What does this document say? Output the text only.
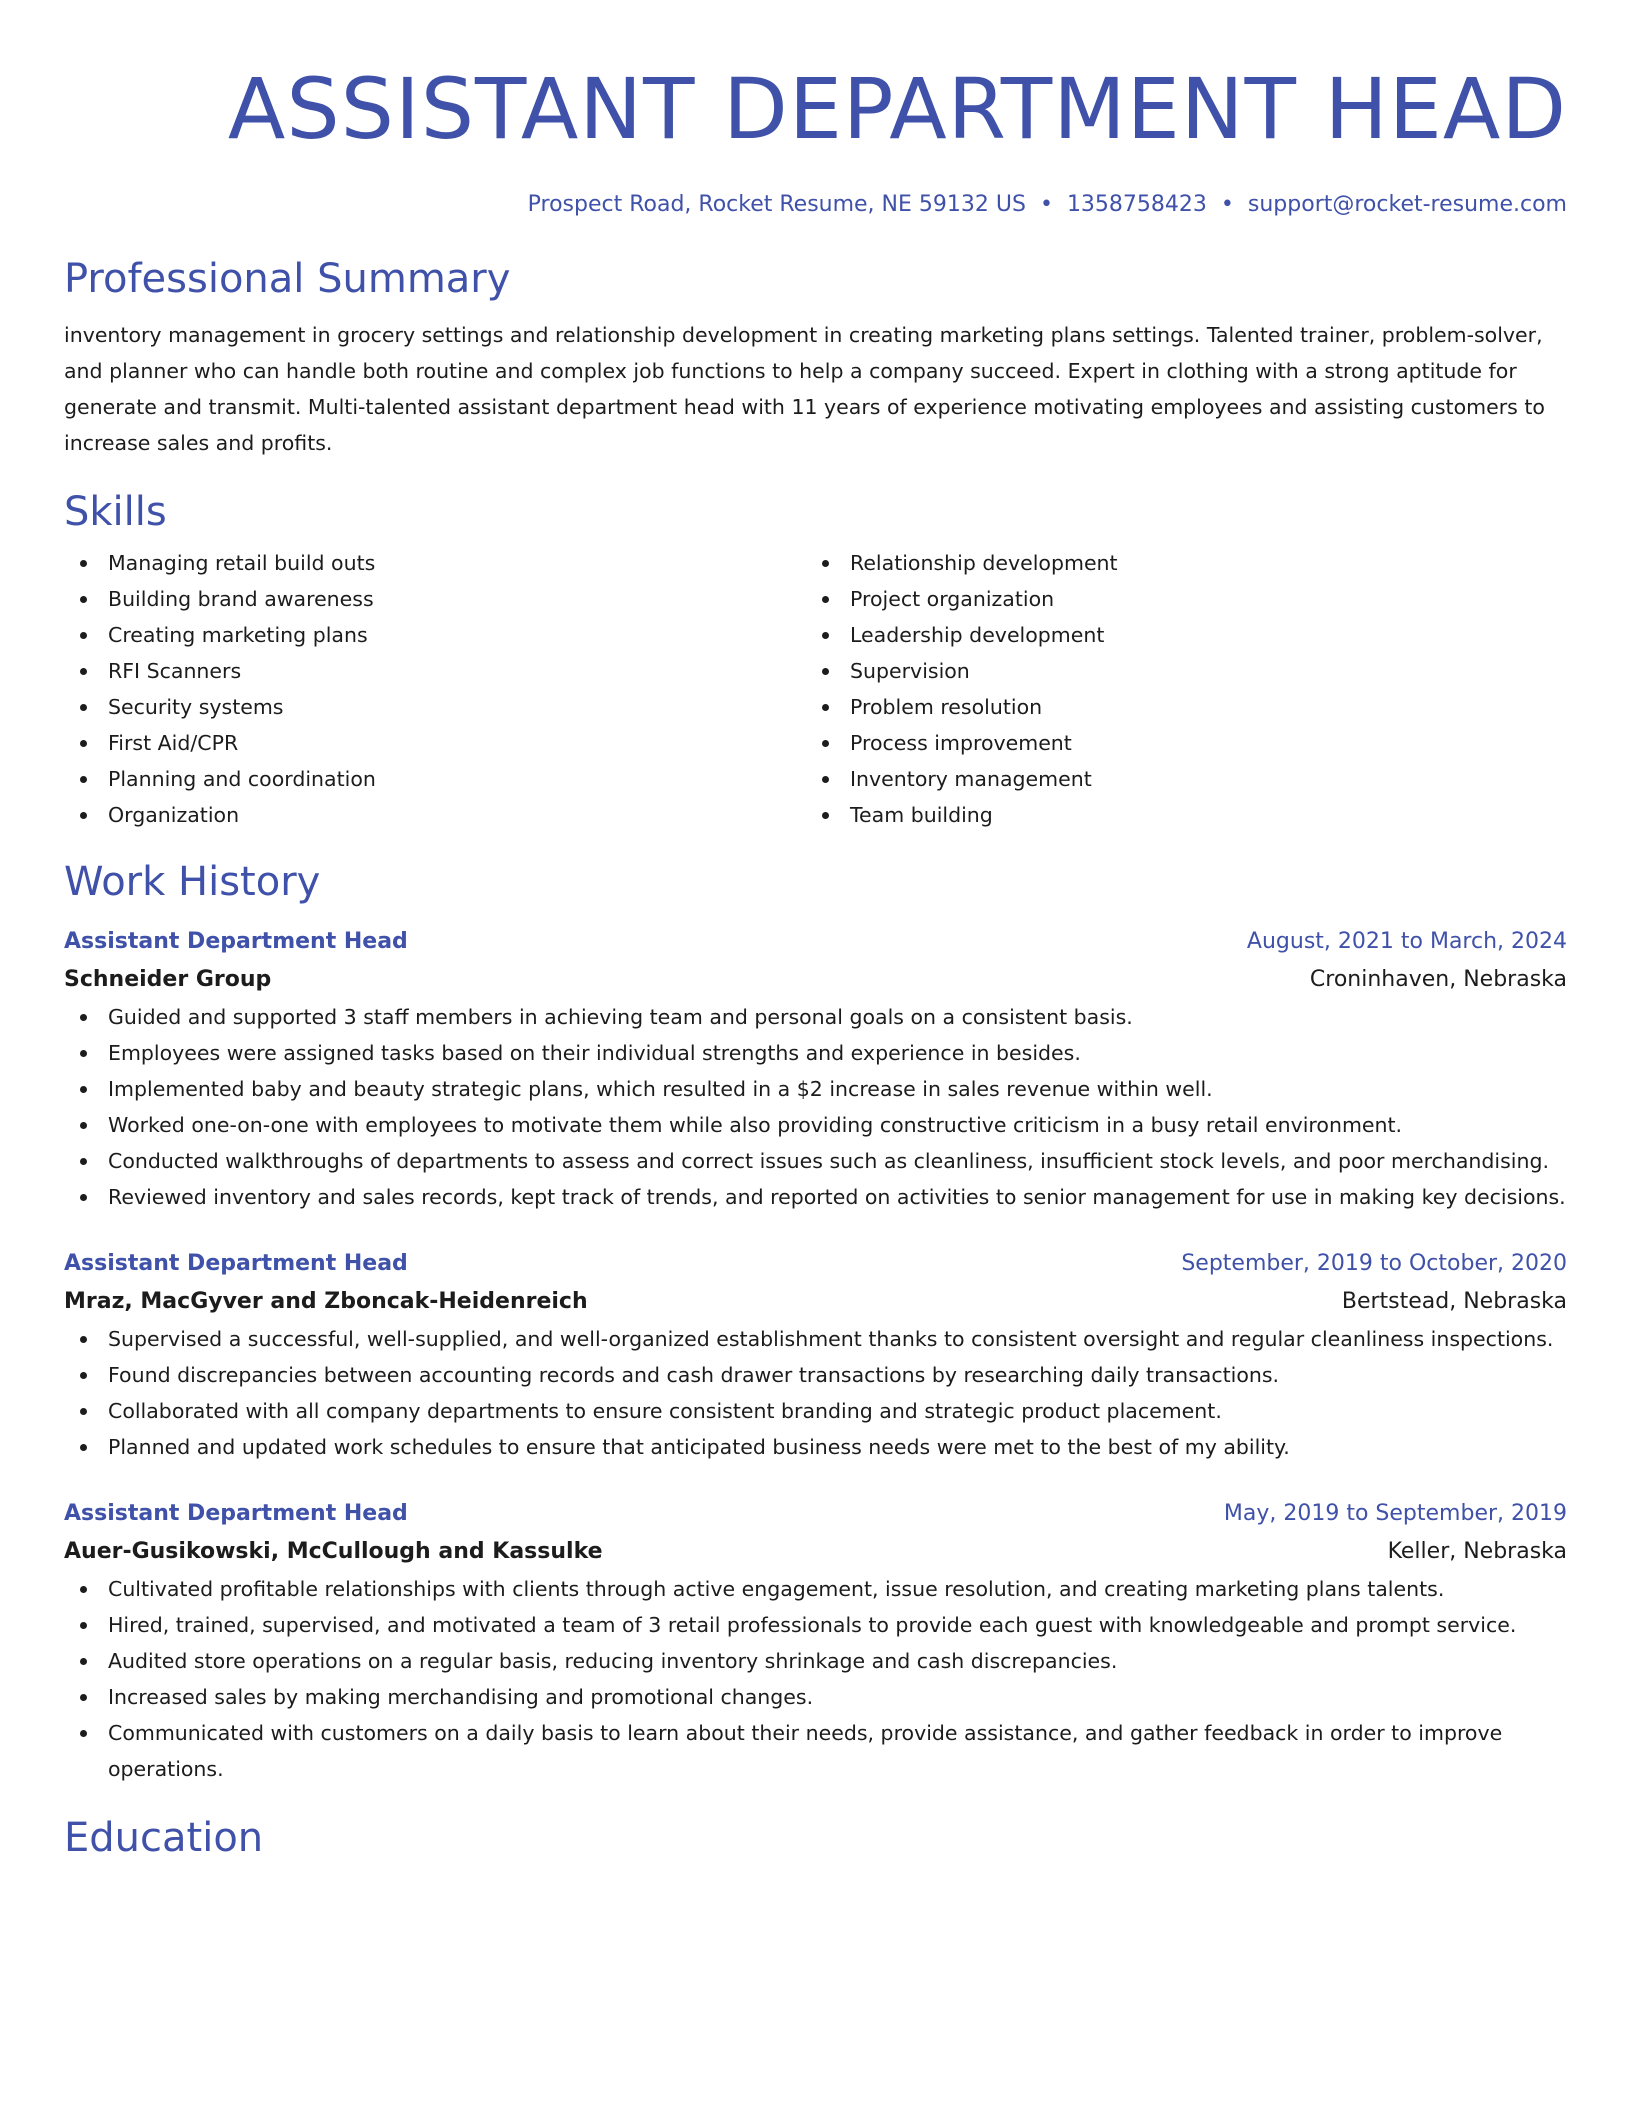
ASSISTANT DEPARTMENT HEAD
Prospect Road, Rocket Resume, NE 59132 US • 1358758423 • support@rocket-resume.com
Professional Summary
inventory management in grocery settings and relationship development in creating marketing plans settings. Talented trainer, problem-solver, and planner who can handle both routine and complex job functions to help a company succeed. Expert in clothing with a strong aptitude for generate and transmit. Multi-talented assistant department head with 11 years of experience motivating employees and assisting customers to increase sales and profits.
Skills
Managing retail build outs
Building brand awareness
Creating marketing plans
RFI Scanners
Security systems
First Aid/CPR
Planning and coordination
Organization
Relationship development
Project organization
Leadership development
Supervision
Problem resolution
Process improvement
Inventory management
Team building
Work History
Assistant Department Head	August, 2021 to March, 2024
Schneider Group	Croninhaven, Nebraska
Guided and supported 3 staff members in achieving team and personal goals on a consistent basis.
Employees were assigned tasks based on their individual strengths and experience in besides.
Implemented baby and beauty strategic plans, which resulted in a $2 increase in sales revenue within well.
Worked one-on-one with employees to motivate them while also providing constructive criticism in a busy retail environment.
Conducted walkthroughs of departments to assess and correct issues such as cleanliness, insufficient stock levels, and poor merchandising.
Reviewed inventory and sales records, kept track of trends, and reported on activities to senior management for use in making key decisions.
Assistant Department Head	September, 2019 to October, 2020
Mraz, MacGyver and Zboncak-Heidenreich	Bertstead, Nebraska
Supervised a successful, well-supplied, and well-organized establishment thanks to consistent oversight and regular cleanliness inspections.
Found discrepancies between accounting records and cash drawer transactions by researching daily transactions.
Collaborated with all company departments to ensure consistent branding and strategic product placement.
Planned and updated work schedules to ensure that anticipated business needs were met to the best of my ability.
Assistant Department Head	May, 2019 to September, 2019
Auer-Gusikowski, McCullough and Kassulke	Keller, Nebraska
Cultivated profitable relationships with clients through active engagement, issue resolution, and creating marketing plans talents.
Hired, trained, supervised, and motivated a team of 3 retail professionals to provide each guest with knowledgeable and prompt service.
Audited store operations on a regular basis, reducing inventory shrinkage and cash discrepancies.
Increased sales by making merchandising and promotional changes.
Communicated with customers on a daily basis to learn about their needs, provide assistance, and gather feedback in order to improve operations.
Education
